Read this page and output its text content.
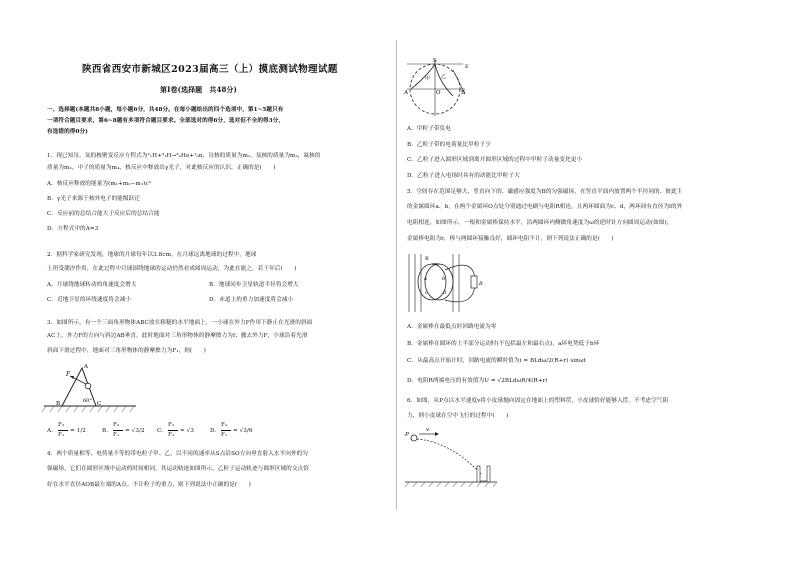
陕西省西安市新城区2023届高三（上）摸底测试物理试题
第Ⅰ卷(选择题　共48分)
一、选择题(本题共8小题，每小题6分，共48分。在每小题给出的四个选项中，第1~5题只有
一项符合题目要求，第6~8题有多项符合题目要求。全部选对的得6分，选对但不全的得3分，
有选错的得0分)
1．现已知氘、氚的核聚变反应方程式为²₁H+³₁H→⁴₂He+¹₀n，氘核的质量为m₁，氚核的质量为m₂，氦核的
质量为m₃，中子的质量为m₄，核反应中释放出γ光子，对此核反应的认识，正确的是(　　)
A．核反应释放的能量为(m₁+m₂−m₃)c²
B．γ光子来源于核外电子的能级跃迁
C．反应前的总结合能大于反应后的总结合能
D．方程式中的A=3
2．据科学家研究发现，地球的月球每年以3.8cm，在月球远离地球的过程中，地球
上所受潮汐作用，在此过程中月球围绕地球的运动仍然看成圆周运动，为此在能之，若干年后(　　)
A．月球绕地球转动的角速度会增大	B．地球同步卫星轨道半径将会增大
C．近地卫星的环绕速度将会减小	D．赤道上的重力加速度将会减小
3．如图所示，有一个三面角形物体ABC放在粗糙的水平地面上，一小球在外力F作用下静止在光滑的斜面
AC上，外力F的方向与斜边AB垂直，此时地面对三角形物体的静摩擦力为f；撤去外力F，小球沿着光滑
斜面下滑过程中，地面对三角形物体的静摩擦力为F₁，则(　　)
F
A
B	C
60°
A．
F₂
F₁
= 1/2	B．
F₂
F₁
= √3/2 C．
F₂
F₁
= √3	D．
F₂
F₁
= √3/6
4．两个质量相等、电荷量不等的带电粒子甲、乙，以不同的速率从S点沿SO方向垂直射入水平向外的匀
强磁场，它们在圆形区域中运动的时间相同，其运动轨迹如图所示，乙粒子运动轨迹与圆形区域的交点恰
好在水平直径AOB最左端的A点。不计粒子的重力，则下列说法中正确的是(　　)
S
O
A	B
甲 乙
E
A．甲粒子带负电
B．乙粒子带的电荷量比甲粒子少
C．乙粒子进入圆形区域到离开圆形区域的过程中甲粒子动量变化更小
D．乙粒子进入电场时具有的动能比甲粒子大
5．空间存在范围足够大、竖直向下的、磁感应强度为B的匀强磁场，在竖直平面内放置两个半径同的、彼此主
的金属圆环a、b，在两个金属环O点处分别通过电刷与电阻R相连，且两环圆面为c、d，两环间有直径为l的外
电阻相连，如图所示。一根和金属棒保持水平，沿两圆环内侧做角速度为ω的逆时针方向圆周运动(如图)，
金属棒电阻为r，棒与两圆环接触良好，圆环电阻不计，则下列说法正确的是(　　)
B
a	b
c	d
R
A．金属棒在最低点时回路电流为零
B．金属棒在圆环的上半部分运动时(不包括最左和最右点)，a环电势低于b环
C．从最高点开始计时，回路电流的瞬时值为i = BLdω/2(R+r) sinωt
D．电阻R两端电压的有效值为U = √2BLdωR/4(R+r)
6．如图，从P点以水平速度v将小皮球抛向固定在地面上的塑料筐，小皮球恰好能够入筐。不考虑空气阻
力，则小皮球在空中飞行的过程中(　　)
P
v
